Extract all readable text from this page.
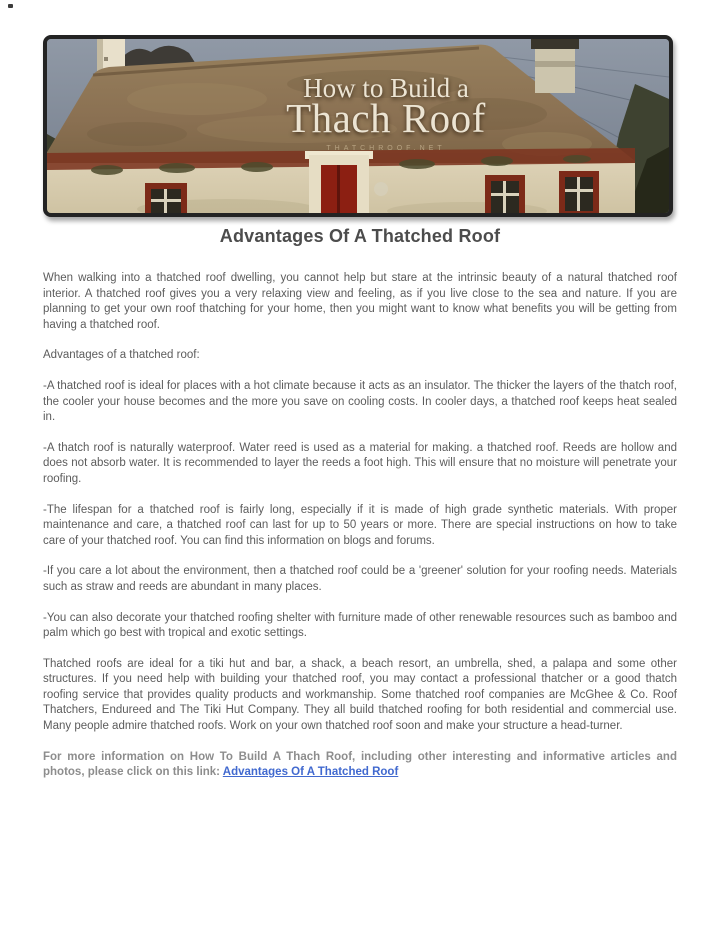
How to Build a
Thach Roof
THATCHROOF.NET
Advantages Of A Thatched Roof

When walking into a thatched roof dwelling, you cannot help but stare at the intrinsic beauty of a natural thatched roof interior. A thatched roof gives you a very relaxing view and feeling, as if you live close to the sea and nature. If you are planning to get your own roof thatching for your home, then you might want to know what benefits you will be getting from having a thatched roof.

Advantages of a thatched roof:

-A thatched roof is ideal for places with a hot climate because it acts as an insulator. The thicker the layers of the thatch roof, the cooler your house becomes and the more you save on cooling costs. In cooler days, a thatched roof keeps heat sealed in.

-A thatch roof is naturally waterproof. Water reed is used as a material for making. a thatched roof. Reeds are hollow and does not absorb water. It is recommended to layer the reeds a foot high. This will ensure that no moisture will penetrate your roofing.

-The lifespan for a thatched roof is fairly long, especially if it is made of high grade synthetic materials. With proper maintenance and care, a thatched roof can last for up to 50 years or more. There are special instructions on how to take care of your thatched roof. You can find this information on blogs and forums.

-If you care a lot about the environment, then a thatched roof could be a 'greener' solution for your roofing needs. Materials such as straw and reeds are abundant in many places.

-You can also decorate your thatched roofing shelter with furniture made of other renewable resources such as bamboo and palm which go best with tropical and exotic settings.

Thatched roofs are ideal for a tiki hut and bar, a shack, a beach resort, an umbrella, shed, a palapa and some other structures. If you need help with building your thatched roof, you may contact a professional thatcher or a good thatch roofing service that provides quality products and workmanship. Some thatched roof companies are McGhee & Co. Roof Thatchers, Endureed and The Tiki Hut Company. They all build thatched roofing for both residential and commercial use. Many people admire thatched roofs. Work on your own thatched roof soon and make your structure a head-turner.

For more information on How To Build A Thach Roof, including other interesting and informative articles and photos, please click on this link: Advantages Of A Thatched Roof
